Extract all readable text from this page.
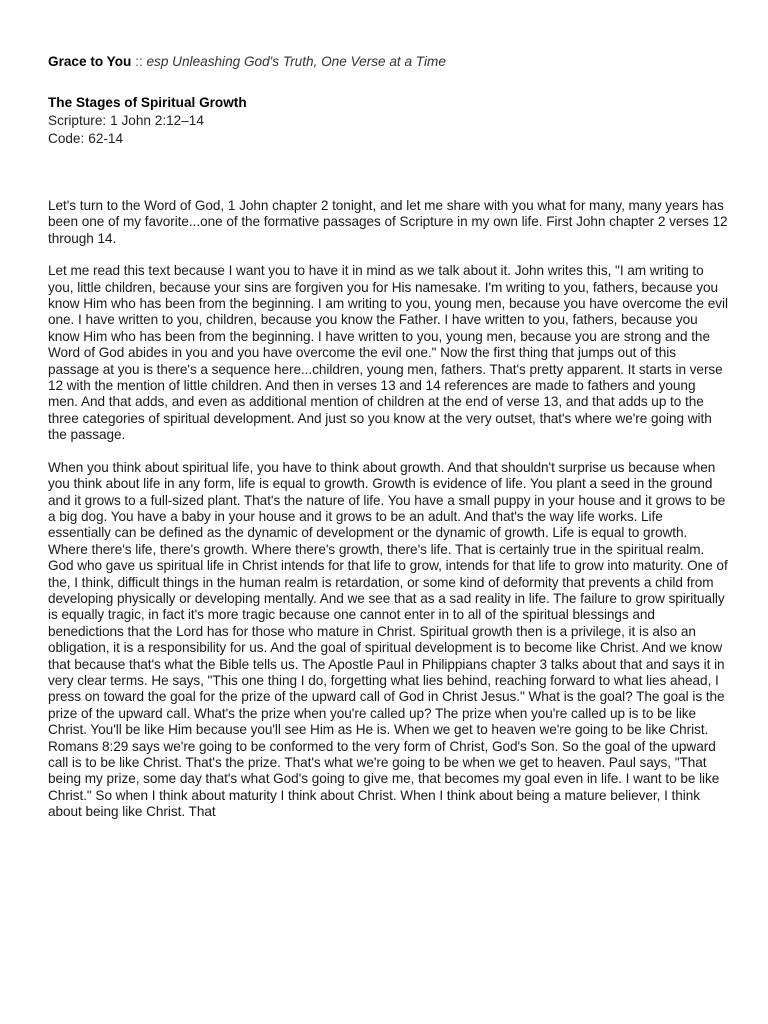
Grace to You :: esp Unleashing God's Truth, One Verse at a Time

The Stages of Spiritual Growth

Scripture: 1 John 2:12–14

Code: 62-14

Let's turn to the Word of God, 1 John chapter 2 tonight, and let me share with you what for many, many years has been one of my favorite...one of the formative passages of Scripture in my own life. First John chapter 2 verses 12 through 14.

Let me read this text because I want you to have it in mind as we talk about it. John writes this, "I am writing to you, little children, because your sins are forgiven you for His namesake. I'm writing to you, fathers, because you know Him who has been from the beginning. I am writing to you, young men, because you have overcome the evil one. I have written to you, children, because you know the Father. I have written to you, fathers, because you know Him who has been from the beginning. I have written to you, young men, because you are strong and the Word of God abides in you and you have overcome the evil one." Now the first thing that jumps out of this passage at you is there's a sequence here...children, young men, fathers. That's pretty apparent. It starts in verse 12 with the mention of little children. And then in verses 13 and 14 references are made to fathers and young men. And that adds, and even as additional mention of children at the end of verse 13, and that adds up to the three categories of spiritual development. And just so you know at the very outset, that's where we're going with the passage.

When you think about spiritual life, you have to think about growth. And that shouldn't surprise us because when you think about life in any form, life is equal to growth. Growth is evidence of life. You plant a seed in the ground and it grows to a full-sized plant. That's the nature of life. You have a small puppy in your house and it grows to be a big dog. You have a baby in your house and it grows to be an adult. And that's the way life works. Life essentially can be defined as the dynamic of development or the dynamic of growth. Life is equal to growth. Where there's life, there's growth. Where there's growth, there's life. That is certainly true in the spiritual realm. God who gave us spiritual life in Christ intends for that life to grow, intends for that life to grow into maturity. One of the, I think, difficult things in the human realm is retardation, or some kind of deformity that prevents a child from developing physically or developing mentally. And we see that as a sad reality in life. The failure to grow spiritually is equally tragic, in fact it's more tragic because one cannot enter in to all of the spiritual blessings and benedictions that the Lord has for those who mature in Christ. Spiritual growth then is a privilege, it is also an obligation, it is a responsibility for us. And the goal of spiritual development is to become like Christ. And we know that because that's what the Bible tells us. The Apostle Paul in Philippians chapter 3 talks about that and says it in very clear terms. He says, "This one thing I do, forgetting what lies behind, reaching forward to what lies ahead, I press on toward the goal for the prize of the upward call of God in Christ Jesus." What is the goal? The goal is the prize of the upward call. What's the prize when you're called up? The prize when you're called up is to be like Christ. You'll be like Him because you'll see Him as He is. When we get to heaven we're going to be like Christ. Romans 8:29 says we're going to be conformed to the very form of Christ, God's Son. So the goal of the upward call is to be like Christ. That's the prize. That's what we're going to be when we get to heaven. Paul says, "That being my prize, some day that's what God's going to give me, that becomes my goal even in life. I want to be like Christ." So when I think about maturity I think about Christ. When I think about being a mature believer, I think about being like Christ. That
